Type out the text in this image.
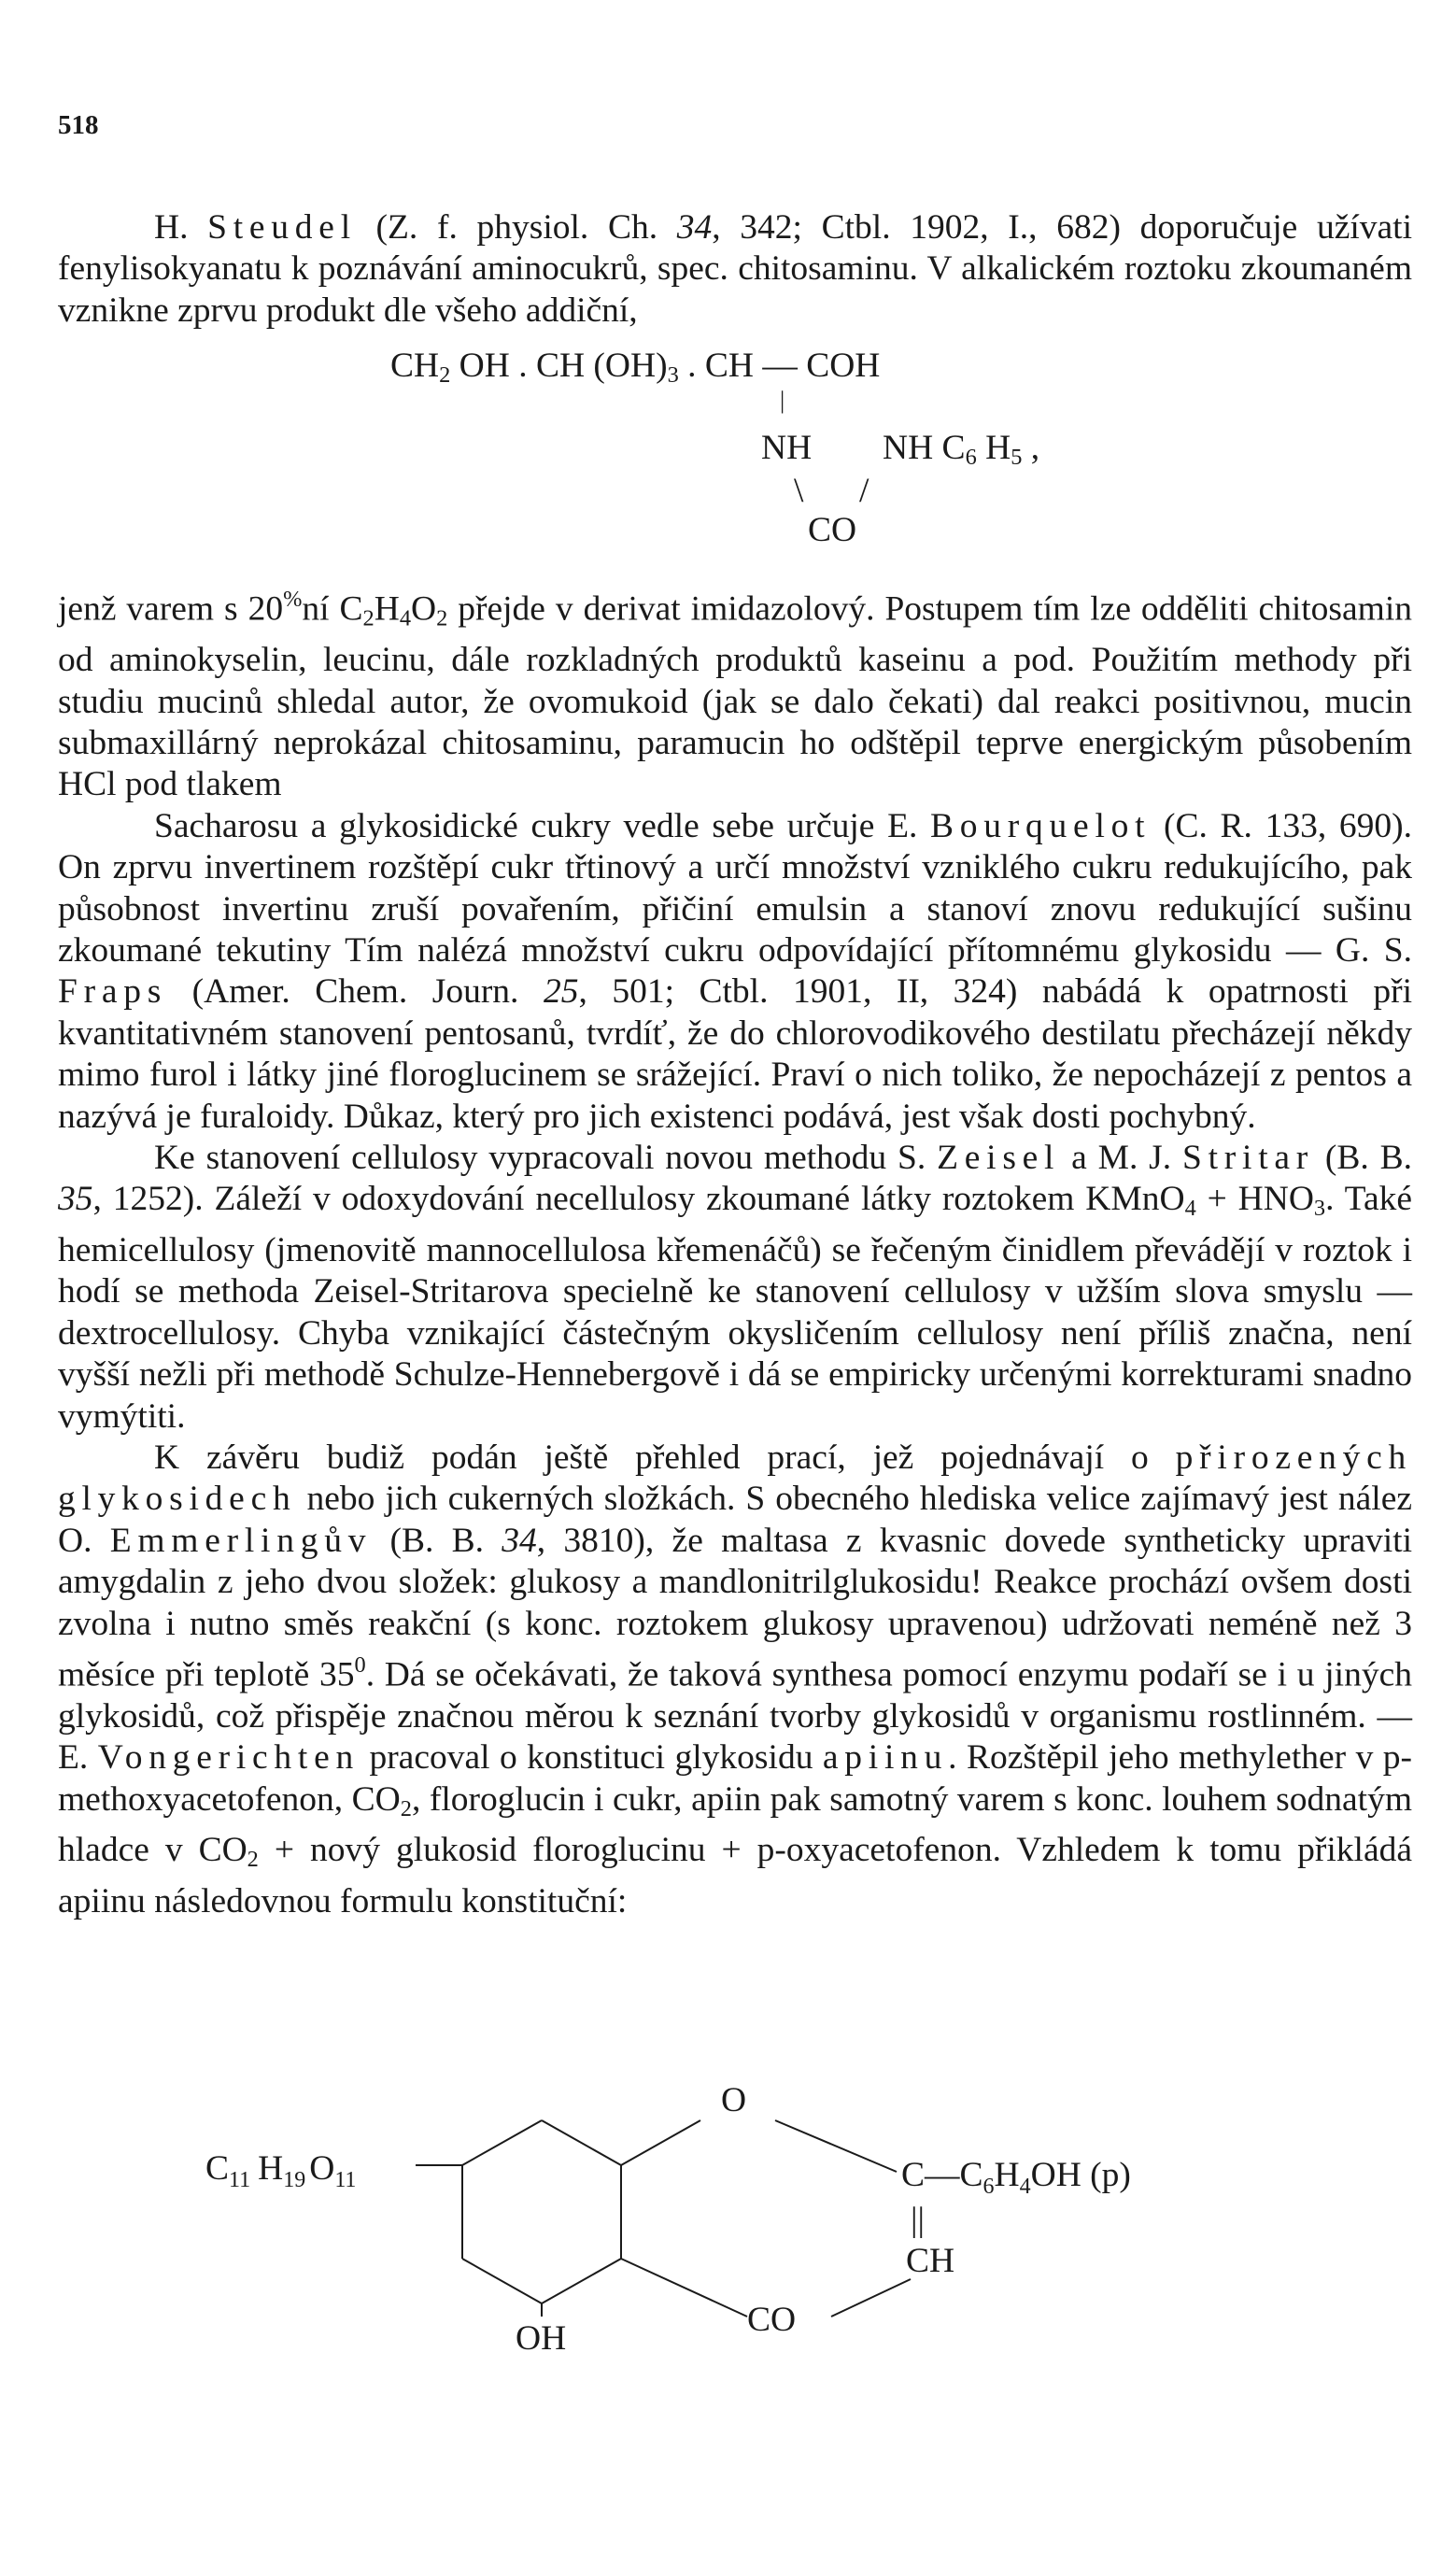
518

H. Steudel (Z. f. physiol. Ch. 34, 342; Ctbl. 1902, I., 682) doporučuje užívati fenylisokyanatu k poznávání aminocukrů, spec. chitosaminu. V alkalickém roztoku zkoumaném vznikne zprvu produkt dle všeho addiční,

$CH_2$ OH . CH $(OH)_3$ . CH — COH
|
NH NH $C_6$ $H_5$ ,
\ /
CO

jenž varem s 20%ní $C_2H_4O_2$ přejde v derivat imidazolový. Postupem tím lze odděliti chitosamin od aminokyselin, leucinu, dále rozkladných produktů kaseinu a pod. Použitím methody při studiu mucinů shledal autor, že ovomukoid (jak se dalo čekati) dal reakci positivnou, mucin submaxillárný neprokázal chitosaminu, paramucin ho odštěpil teprve energickým působením HCl pod tlakem

Sacharosu a glykosidické cukry vedle sebe určuje E. Bourquelot (C. R. 133, 690). On zprvu invertinem rozštěpí cukr třtinový a určí množství vzniklého cukru redukujícího, pak působnost invertinu zruší povařením, přičiní emulsin a stanoví znovu redukující sušinu zkoumané tekutiny Tím nalézá množství cukru odpovídající přítomnému glykosidu — G. S. Fraps (Amer. Chem. Journ. 25, 501; Ctbl. 1901, II, 324) nabádá k opatrnosti při kvantitativném stanovení pentosanů, tvrdíť, že do chlorovodikového destilatu přecházejí někdy mimo furol i látky jiné floroglucinem se srážející. Praví o nich toliko, že nepocházejí z pentos a nazývá je furaloidy. Důkaz, který pro jich existenci podává, jest však dosti pochybný.

Ke stanovení cellulosy vypracovali novou methodu S. Zeisel a M. J. Stritar (B. B. 35, 1252). Záleží v odoxydování necellulosy zkoumané látky roztokem KMnO$_4$ + $HNO_3$. Také hemicellulosy (jmenovitě mannocellulosa křemenáčů) se řečeným činidlem převádějí v roztok i hodí se methoda Zeisel-Stritarova specielně ke stanovení cellulosy v užším slova smyslu — dextrocellulosy. Chyba vznikající částečným okysličením cellulosy není příliš značna, není vyšší nežli při methodě Schulze-Hennebergově i dá se empiricky určenými korrekturami snadno vymýtiti.

K závěru budiž podán ještě přehled prací, jež pojednávají o přirozených glykosidech nebo jich cukerných složkách. S obecného hlediska velice zajímavý jest nález O. Emmerlingův (B. B. 34, 3810), že maltasa z kvasnic dovede syntheticky upraviti amygdalin z jeho dvou složek: glukosy a mandlonitrilglukosidu! Reakce prochází ovšem dosti zvolna i nutno směs reakční (s konc. roztokem glukosy upravenou) udržovati neméně než 3 měsíce při teplotě $35^0$. Dá se očekávati, že taková synthesa pomocí enzymu podaří se i u jiných glykosidů, což přispěje značnou měrou k seznání tvorby glykosidů v organismu rostlinném. — E. Vongerichten pracoval o konstituci glykosidu apiinu. Rozštěpil jeho methylether v p-methoxyacetofenon, $CO_2$, floroglucin i cukr, apiin pak samotný varem s konc. louhem sodnatým hladce v $CO_2$ + nový glukosid floroglucinu + p-oxyacetofenon. Vzhledem k tomu přikládá apiinu následovnou formulu konstituční:

O
$C_{11}$ $H_{19}$ $O_{11}$	$C—C_6H_4OH$ (p)
||
CH
OH	CO
